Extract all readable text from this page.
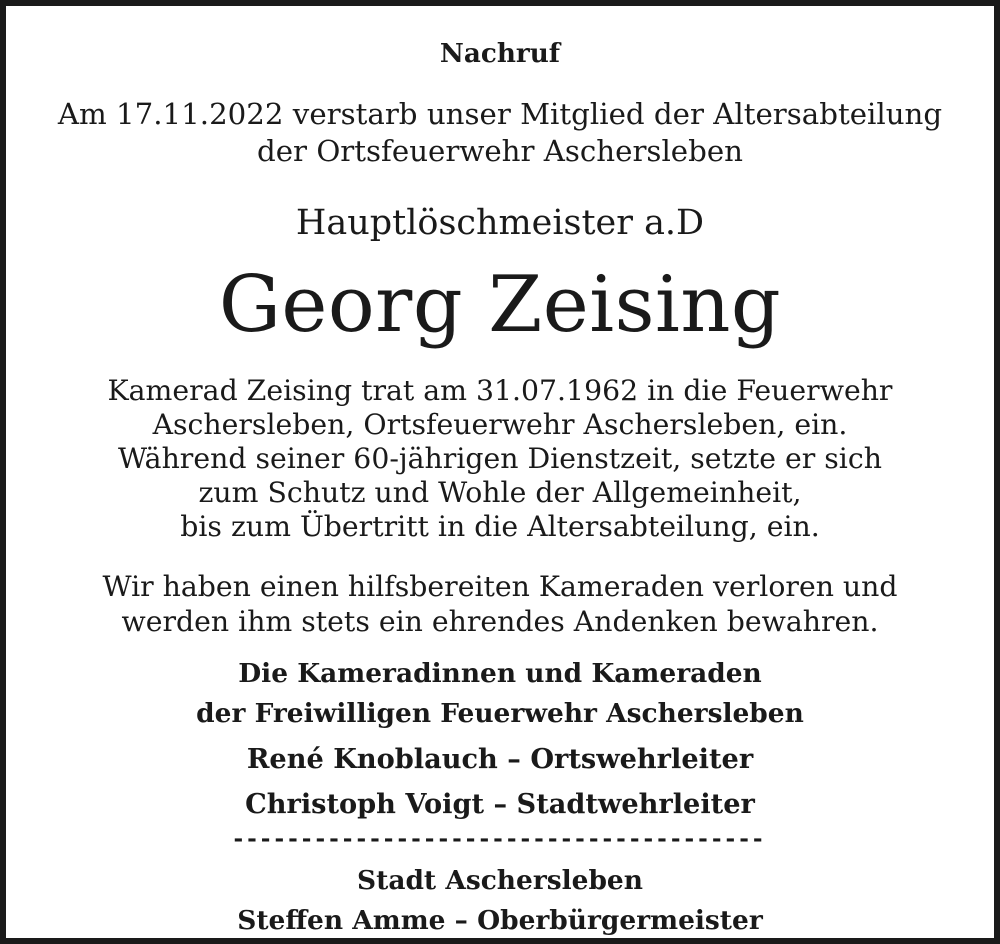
Nachruf
Am 17.11.2022 verstarb unser Mitglied der Altersabteilung
der Ortsfeuerwehr Aschersleben
Hauptlöschmeister a.D
Georg Zeising
Kamerad Zeising trat am 31.07.1962 in die Feuerwehr
Aschersleben, Ortsfeuerwehr Aschersleben, ein.
Während seiner 60-jährigen Dienstzeit, setzte er sich
zum Schutz und Wohle der Allgemeinheit,
bis zum Übertritt in die Altersabteilung, ein.
Wir haben einen hilfsbereiten Kameraden verloren und
werden ihm stets ein ehrendes Andenken bewahren.
Die Kameradinnen und Kameraden
der Freiwilligen Feuerwehr Aschersleben
René Knoblauch – Ortswehrleiter
Christoph Voigt – Stadtwehrleiter
---------------------------------------
Stadt Aschersleben
Steffen Amme – Oberbürgermeister
